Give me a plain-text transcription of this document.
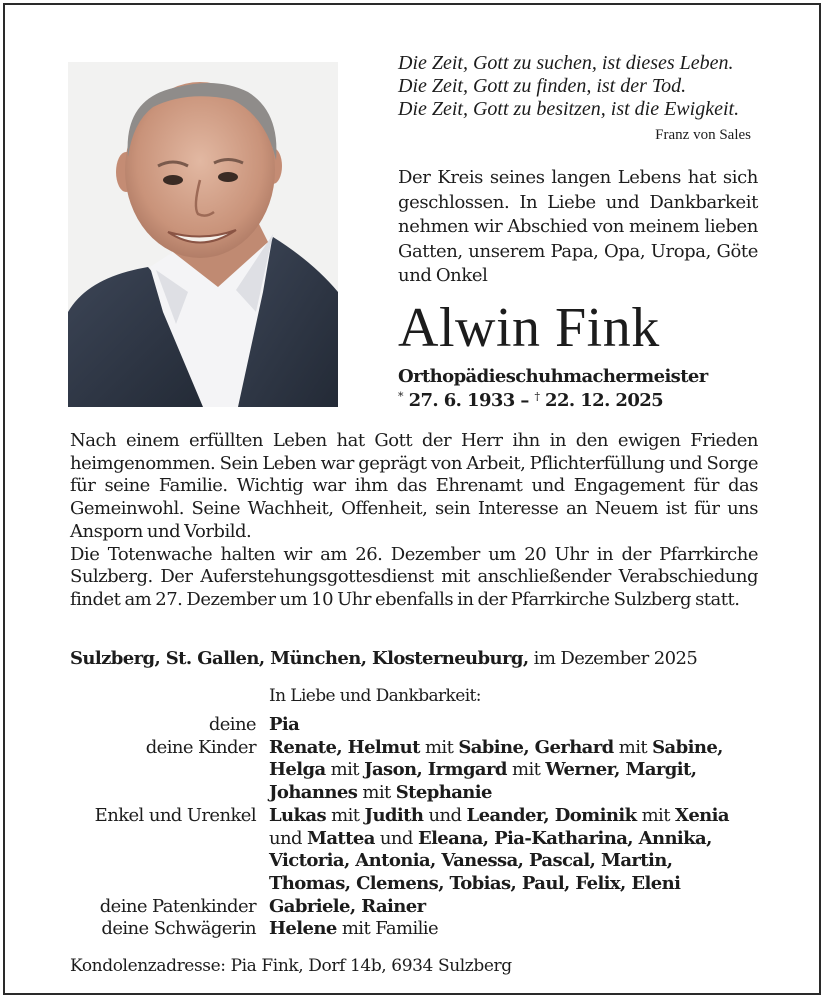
Die Zeit, Gott zu suchen, ist dieses Leben.
Die Zeit, Gott zu finden, ist der Tod.
Die Zeit, Gott zu besitzen, ist die Ewigkeit.
Franz von Sales
Der Kreis seines langen Lebens hat sich geschlossen. In Liebe und Dankbarkeit nehmen wir Abschied von meinem lieben Gatten, unserem Papa, Opa, Uropa, Göte und Onkel
Alwin Fink
Orthopädieschuhmachermeister
* 27. 6. 1933 – † 22. 12. 2025

Nach einem erfüllten Leben hat Gott der Herr ihn in den ewigen Frieden heimgenommen. Sein Leben war geprägt von Arbeit, Pflichterfüllung und Sorge für seine Familie. Wichtig war ihm das Ehrenamt und Engagement für das Gemeinwohl. Seine Wachheit, Offenheit, sein Interesse an Neuem ist für uns Ansporn und Vorbild.

Die Totenwache halten wir am 26. Dezember um 20 Uhr in der Pfarrkirche Sulzberg. Der Auferstehungsgottesdienst mit anschließender Verabschiedung findet am 27. Dezember um 10 Uhr ebenfalls in der Pfarrkirche Sulzberg statt.

Sulzberg, St. Gallen, München, Klosterneuburg, im Dezember 2025
In Liebe und Dankbarkeit:
deine Pia
deine Kinder Renate, Helmut mit Sabine, Gerhard mit Sabine,
Helga mit Jason, Irmgard mit Werner, Margit,
Johannes mit Stephanie
Enkel und Urenkel Lukas mit Judith und Leander, Dominik mit Xenia
und Mattea und Eleana, Pia-Katharina, Annika,
Victoria, Antonia, Vanessa, Pascal, Martin,
Thomas, Clemens, Tobias, Paul, Felix, Eleni
deine Patenkinder Gabriele, Rainer
deine Schwägerin Helene mit Familie
Kondolenzadresse: Pia Fink, Dorf 14b, 6934 Sulzberg
